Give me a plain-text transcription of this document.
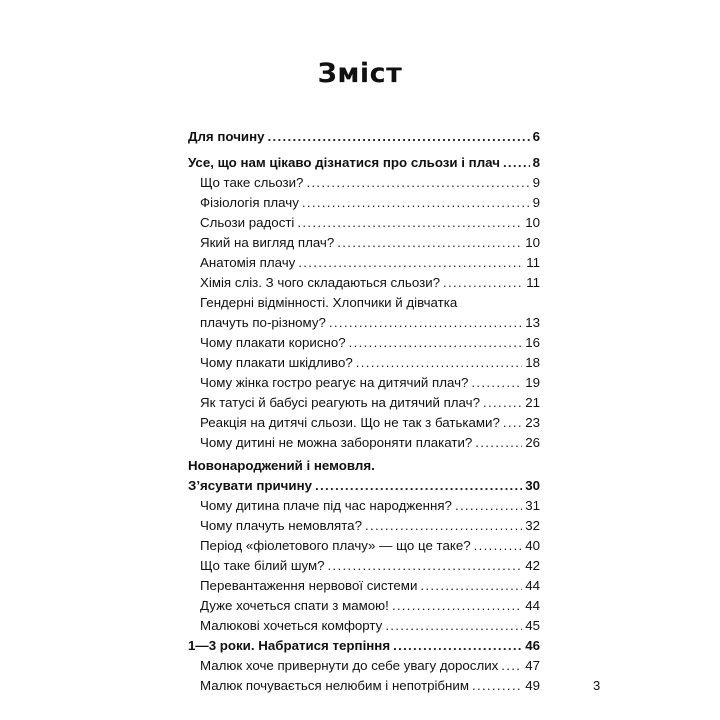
Зміст
Для почину . . .	6
Усе, що нам цікаво дізнатися про сльози і плач . . . 8
Що таке сльози? . . .	9
Фізіологія плачу . . .	9
Сльози радості . . .	10
Який на вигляд плач? . . .	10
Анатомія плачу . . .	11
Хімія сліз. З чого складаються сльози? . . .	11
Гендерні відмінності. Хлопчики й дівчатка
плачуть по-різному? . . .	13
Чому плакати корисно? . . .	16
Чому плакати шкідливо? . . .	18
Чому жінка гостро реагує на дитячий плач? . . .	19
Як татусі й бабусі реагують на дитячий плач? . . .	21
Реакція на дитячі сльози. Що не так з батьками? . . . 23
Чому дитині не можна забороняти плакати? . . .	26
Новонароджений і немовля.
З’ясувати причину . . .	30
Чому дитина плаче під час народження? . . .	31
Чому плачуть немовлята? . . .	32
Період «фіолетового плачу» — що це таке? . . .	40
Що таке білий шум? . . .	42
Перевантаження нервової системи . . .	44
Дуже хочеться спати з мамою! . . .	44
Малюкові хочеться комфорту . . .	45
1—3 роки. Набратися терпіння . . .	46
Малюк хоче привернути до себе увагу дорослих . . . 47
Малюк почувається нелюбим і непотрібним . . .	49	3
